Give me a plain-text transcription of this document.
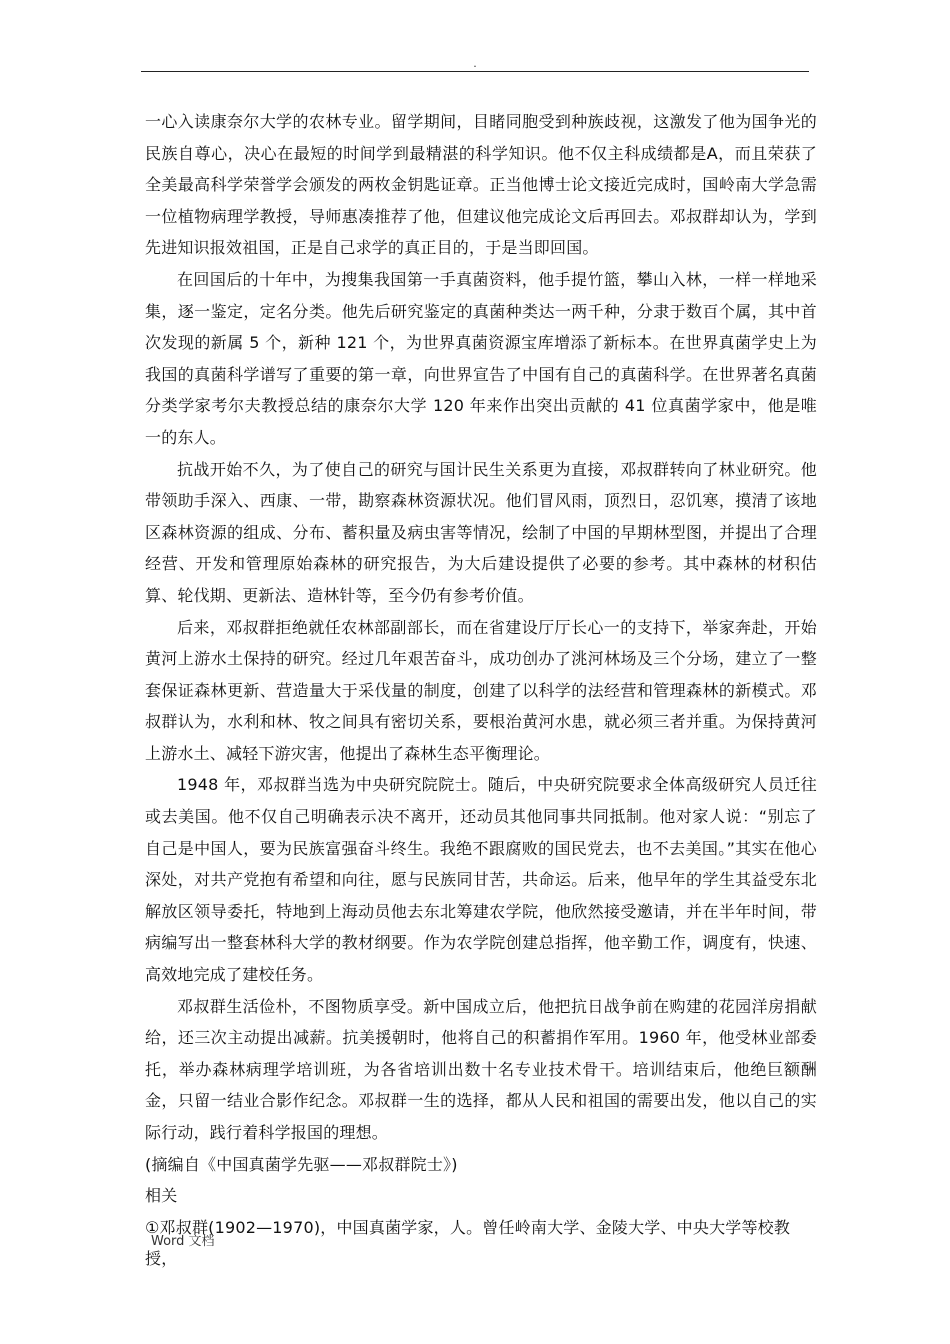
.

一心入读康奈尔大学的农林专业。留学期间，目睹同胞受到种族歧视，这激发了他为国争光的民族自尊心，决心在最短的时间学到最精湛的科学知识。他不仅主科成绩都是A，而且荣获了全美最高科学荣誉学会颁发的两枚金钥匙证章。正当他博士论文接近完成时，国岭南大学急需一位植物病理学教授，导师惠凑推荐了他，但建议他完成论文后再回去。邓叔群却认为，学到先进知识报效祖国，正是自己求学的真正目的，于是当即回国。

在回国后的十年中，为搜集我国第一手真菌资料，他手提竹篮，攀山入林，一样一样地采集，逐一鉴定，定名分类。他先后研究鉴定的真菌种类达一两千种，分隶于数百个属，其中首次发现的新属 5 个，新种 121 个，为世界真菌资源宝库增添了新标本。在世界真菌学史上为我国的真菌科学谱写了重要的第一章，向世界宣告了中国有自己的真菌科学。在世界著名真菌分类学家考尔夫教授总结的康奈尔大学 120 年来作出突出贡献的 41 位真菌学家中，他是唯一的东人。

抗战开始不久，为了使自己的研究与国计民生关系更为直接，邓叔群转向了林业研究。他带领助手深入、西康、一带，勘察森林资源状况。他们冒风雨，顶烈日，忍饥寒，摸清了该地区森林资源的组成、分布、蓄积量及病虫害等情况，绘制了中国的早期林型图，并提出了合理经营、开发和管理原始森林的研究报告，为大后建设提供了必要的参考。其中森林的材积估算、轮伐期、更新法、造林针等，至今仍有参考价值。

后来，邓叔群拒绝就任农林部副部长，而在省建设厅厅长心一的支持下，举家奔赴，开始黄河上游水土保持的研究。经过几年艰苦奋斗，成功创办了洮河林场及三个分场，建立了一整套保证森林更新、营造量大于采伐量的制度，创建了以科学的法经营和管理森林的新模式。邓叔群认为，水利和林、牧之间具有密切关系，要根治黄河水患，就必须三者并重。为保持黄河上游水土、减轻下游灾害，他提出了森林生态平衡理论。

1948 年，邓叔群当选为中央研究院院士。随后，中央研究院要求全体高级研究人员迁往或去美国。他不仅自己明确表示决不离开，还动员其他同事共同抵制。他对家人说：“别忘了自己是中国人，要为民族富强奋斗终生。我绝不跟腐败的国民党去，也不去美国。”其实在他心深处，对共产党抱有希望和向往，愿与民族同甘苦，共命运。后来，他早年的学生其益受东北解放区领导委托，特地到上海动员他去东北筹建农学院，他欣然接受邀请，并在半年时间，带病编写出一整套林科大学的教材纲要。作为农学院创建总指挥，他辛勤工作，调度有，快速、高效地完成了建校任务。

邓叔群生活俭朴，不图物质享受。新中国成立后，他把抗日战争前在购建的花园洋房捐献给，还三次主动提出减薪。抗美援朝时，他将自己的积蓄捐作军用。1960 年，他受林业部委托，举办森林病理学培训班，为各省培训出数十名专业技术骨干。培训结束后，他绝巨额酬金，只留一结业合影作纪念。邓叔群一生的选择，都从人民和祖国的需要出发，他以自己的实际行动，践行着科学报国的理想。

(摘编自《中国真菌学先驱——邓叔群院士》)

相关

①邓叔群(1902—1970)，中国真菌学家，人。曾任岭南大学、金陵大学、中央大学等校教授，

Word 文档
